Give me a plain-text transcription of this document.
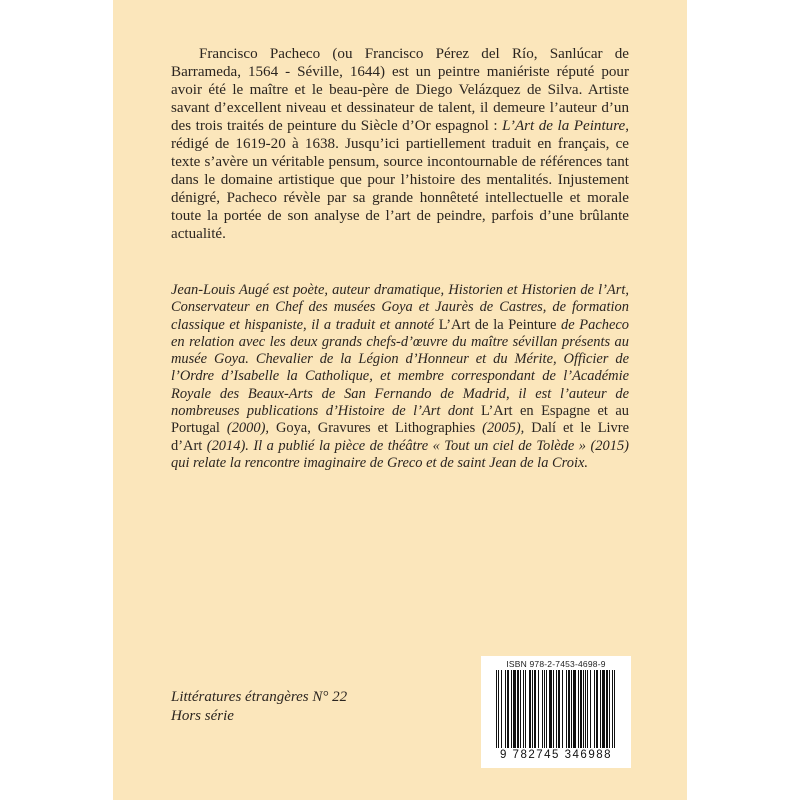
Francisco Pacheco (ou Francisco Pérez del Río, Sanlúcar de Barrameda, 1564 - Séville, 1644) est un peintre maniériste réputé pour avoir été le maître et le beau-père de Diego Velázquez de Silva. Artiste savant d’excellent niveau et dessinateur de talent, il demeure l’auteur d’un des trois traités de peinture du Siècle d’Or espagnol : L’Art de la Peinture, rédigé de 1619-20 à 1638. Jusqu’ici partiellement traduit en français, ce texte s’avère un véritable pensum, source incontournable de références tant dans le domaine artistique que pour l’histoire des mentalités. Injustement dénigré, Pacheco révèle par sa grande honnêteté intellectuelle et morale toute la portée de son analyse de l’art de peindre, parfois d’une brûlante actualité.

Jean-Louis Augé est poète, auteur dramatique, Historien et Historien de l’Art, Conservateur en Chef des musées Goya et Jaurès de Castres, de formation classique et hispaniste, il a traduit et annoté L’Art de la Peinture de Pacheco en relation avec les deux grands chefs-d’œuvre du maître sévillan présents au musée Goya. Chevalier de la Légion d’Honneur et du Mérite, Officier de l’Ordre d’Isabelle la Catholique, et membre correspondant de l’Académie Royale des Beaux-Arts de San Fernando de Madrid, il est l’auteur de nombreuses publications d’Histoire de l’Art dont L’Art en Espagne et au Portugal (2000), Goya, Gravures et Lithographies (2005), Dalí et le Livre d’Art (2014). Il a publié la pièce de théâtre « Tout un ciel de Tolède » (2015) qui relate la rencontre imaginaire de Greco et de saint Jean de la Croix.

Littératures étrangères N° 22
Hors série
ISBN 978-2-7453-4698-9
9 782745 346988
